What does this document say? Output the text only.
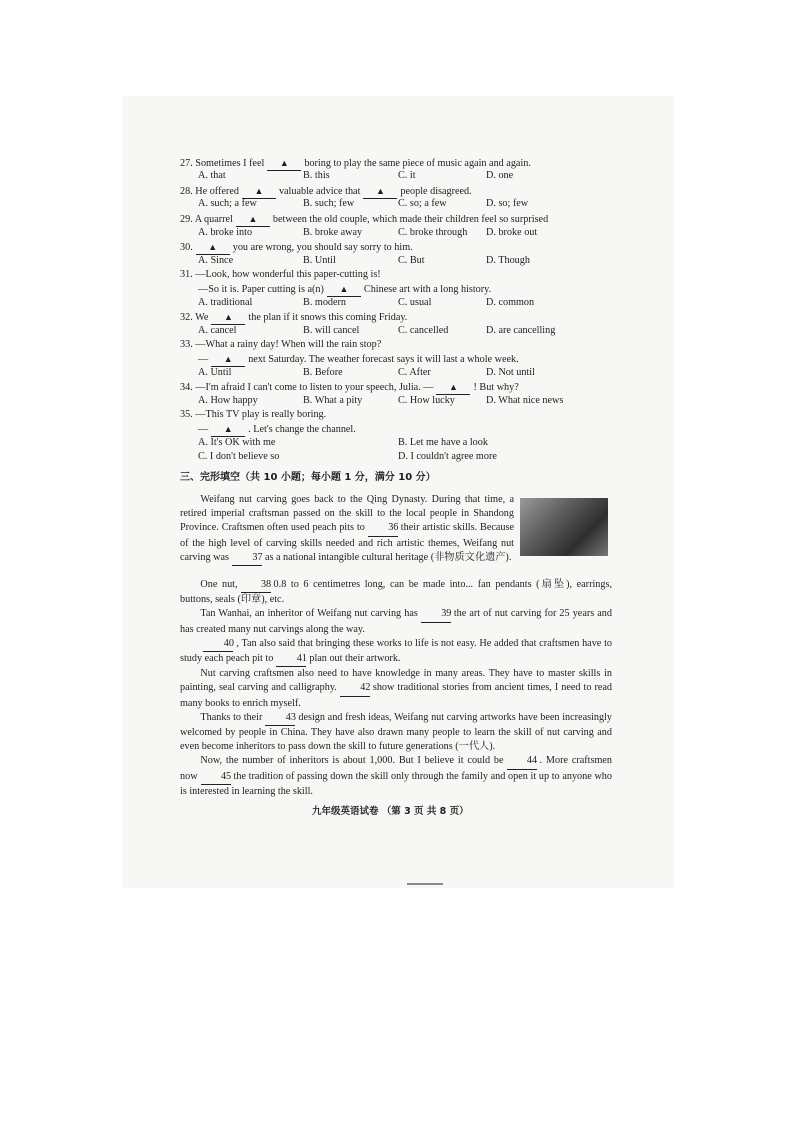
27. Sometimes I feel ▲ boring to play the same piece of music again and again.
A. that	B. this	C. it	D. one
28. He offered ▲ valuable advice that ▲ people disagreed.
A. such; a few	B. such; few	C. so; a few	D. so; few
29. A quarrel ▲ between the old couple, which made their children feel so surprised
A. broke into	B. broke away	C. broke through D. broke out
30. ▲ you are wrong, you should say sorry to him.
A. Since	B. Until	C. But	D. Though
31. —Look, how wonderful this paper-cutting is!
—So it is. Paper cutting is a(n) ▲ Chinese art with a long history.
A. traditional	B. modern	C. usual	D. common
32. We ▲ the plan if it snows this coming Friday.
A. cancel	B. will cancel	C. cancelled	D. are cancelling
33. —What a rainy day! When will the rain stop?
— ▲ next Saturday. The weather forecast says it will last a whole week.
A. Until	B. Before	C. After	D. Not until
34. —I'm afraid I can't come to listen to your speech, Julia. — ▲ ! But why?
A. How happy	B. What a pity	C. How lucky	D. What nice news
35. —This TV play is really boring.
— ▲ . Let's change the channel.
A. It's OK with me	B. Let me have a look
C. I don't believe so	D. I couldn't agree more
三、完形填空（共 10 小题；每小题 1 分，满分 10 分）

Weifang nut carving goes back to the Qing Dynasty. During that time, a retired imperial craftsman passed on the skill to the local people in Shandong Province. Craftsmen often used peach pits to 36 their artistic skills. Because of the high level of carving skills needed and rich artistic themes, Weifang nut carving was 37 as a national intangible cultural heritage (非物质文化遗产).

One nut, 38 0.8 to 6 centimetres long, can be made into... fan pendants (扇坠), earrings, buttons, seals (印章), etc.

Tan Wanhai, an inheritor of Weifang nut carving has 39 the art of nut carving for 25 years and has created many nut carvings along the way.

40 , Tan also said that bringing these works to life is not easy. He added that craftsmen have to study each peach pit to 41 plan out their artwork.

Nut carving craftsmen also need to have knowledge in many areas. They have to master skills in painting, seal carving and calligraphy. 42 show traditional stories from ancient times, I need to read many books to enrich myself.

Thanks to their 43 design and fresh ideas, Weifang nut carving artworks have been increasingly welcomed by people in China. They have also drawn many people to learn the skill of nut carving and even become inheritors to pass down the skill to future generations (一代人).

Now, the number of inheritors is about 1,000. But I believe it could be 44 . More craftsmen now 45 the tradition of passing down the skill only through the family and open it up to anyone who is interested in learning the skill.

九年级英语试卷 （第 3 页 共 8 页）
